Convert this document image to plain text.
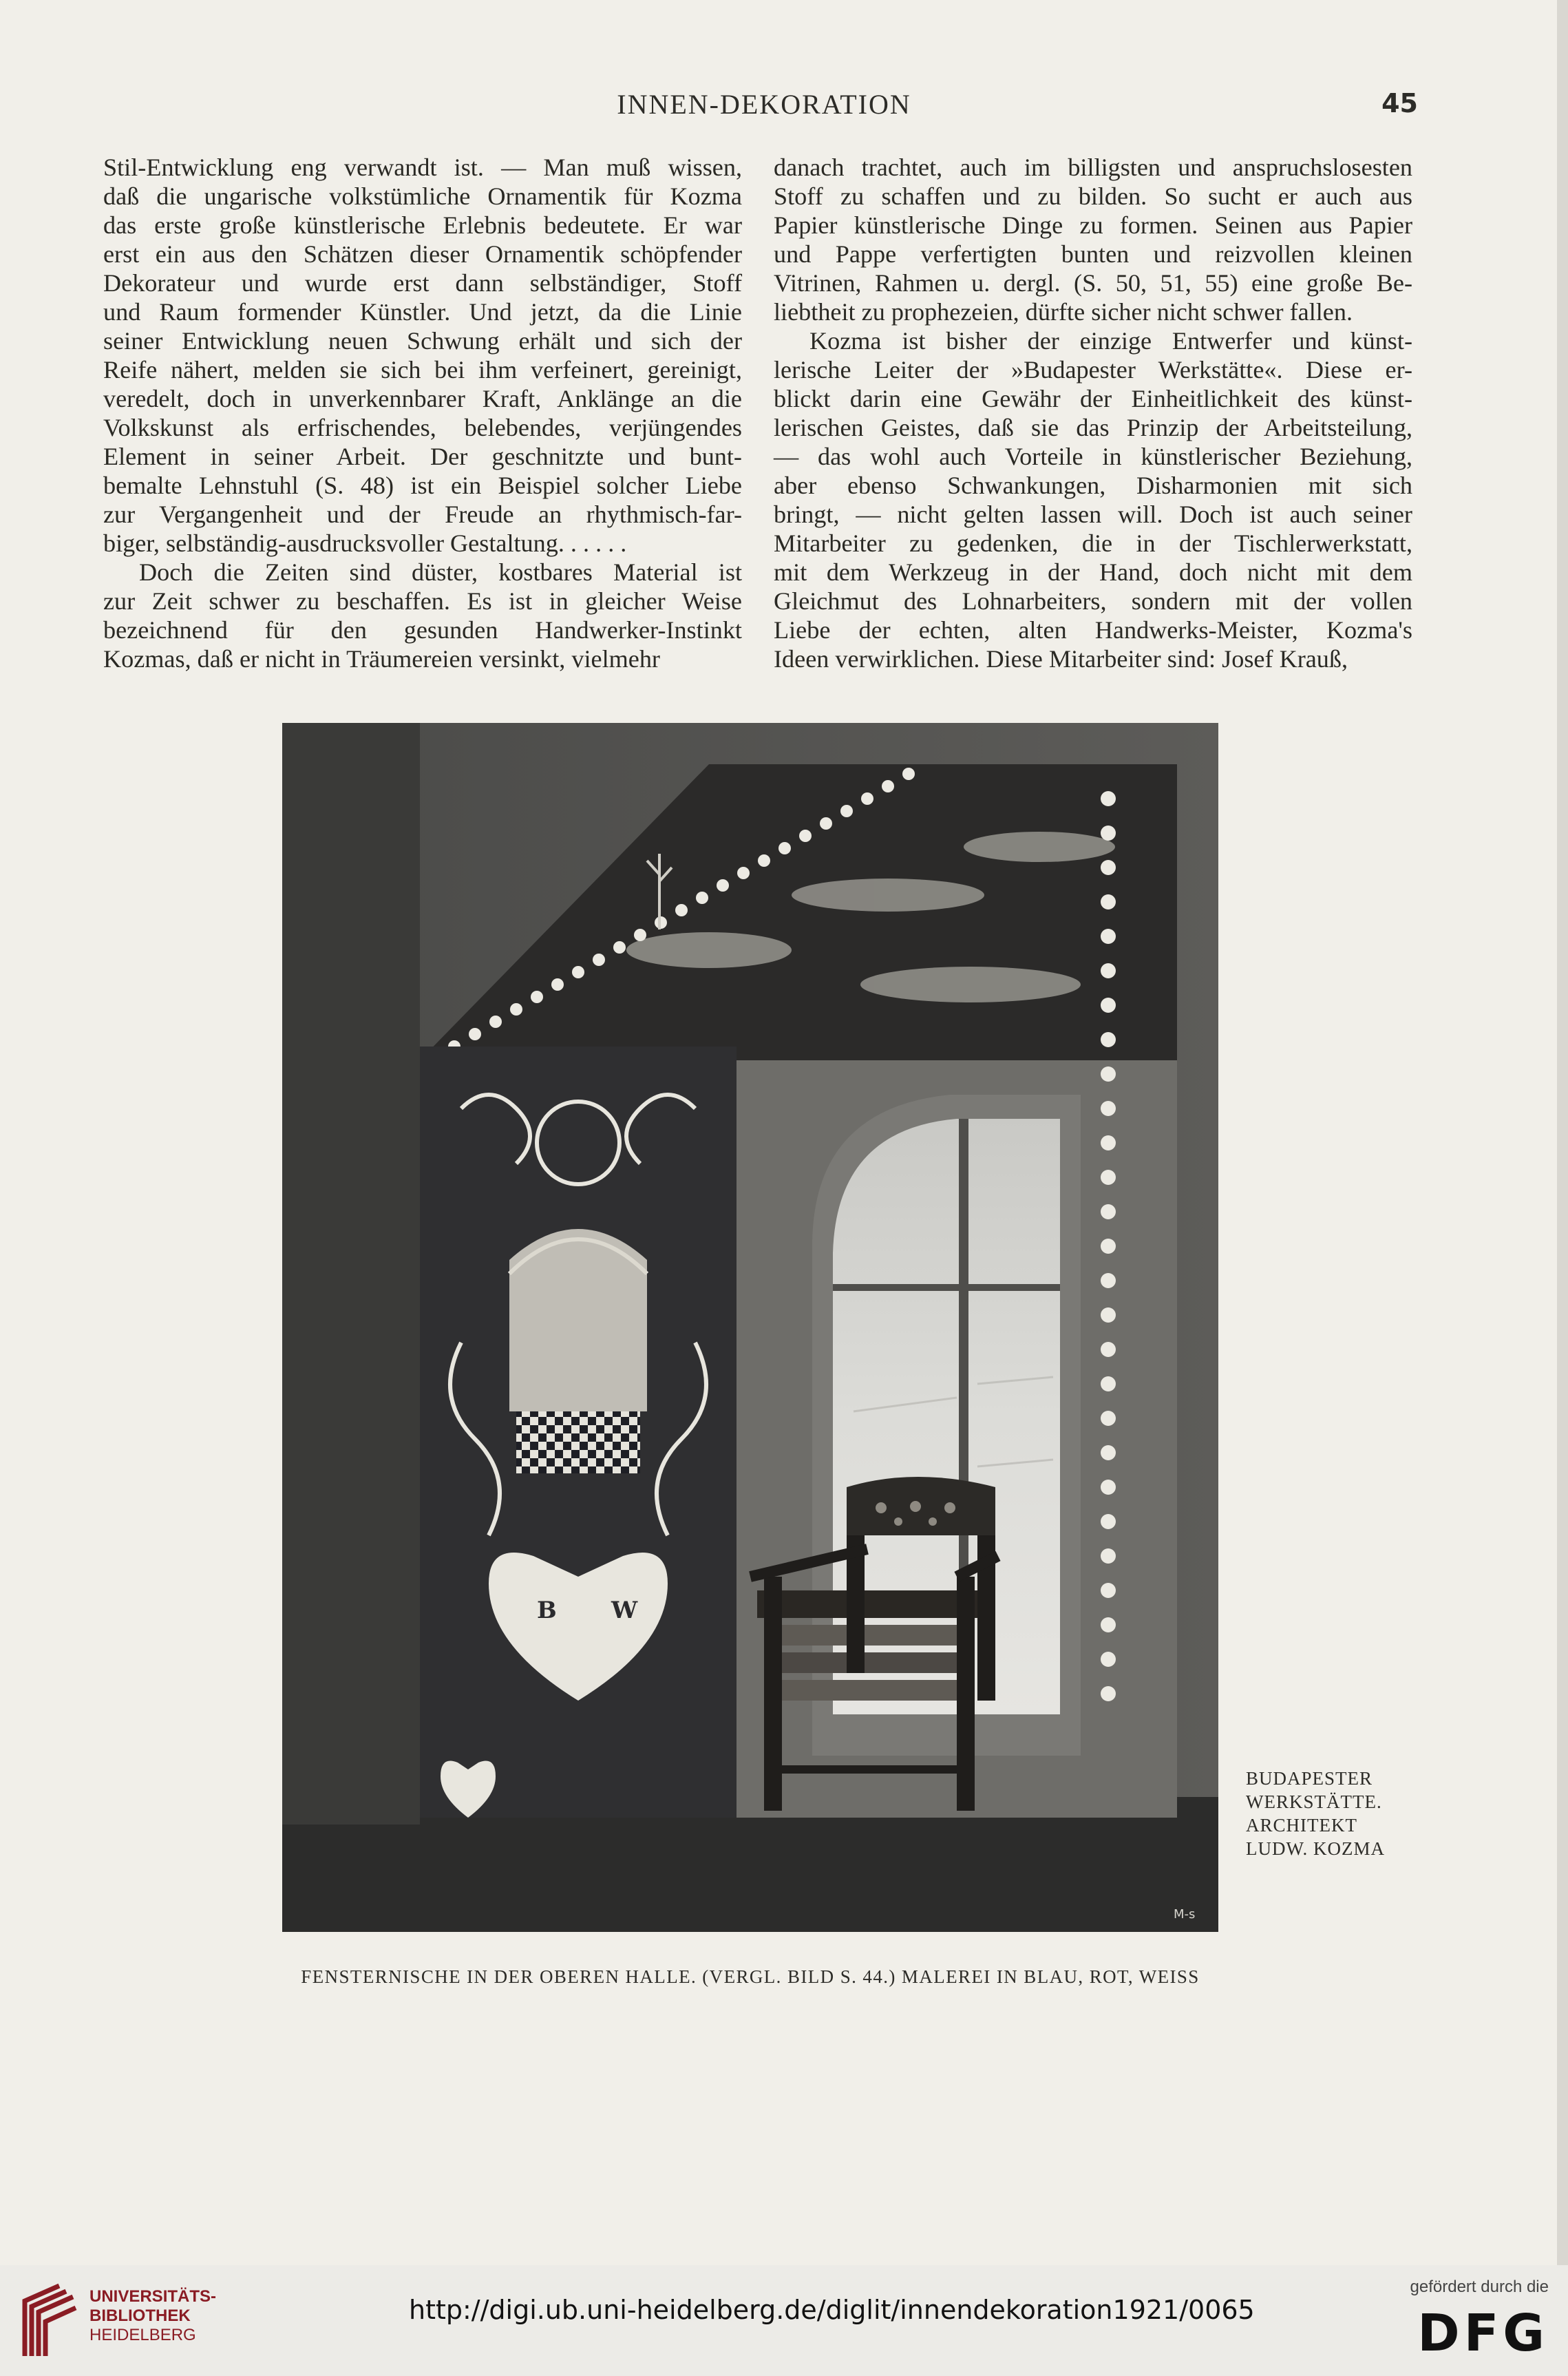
INNEN-DEKORATION	45
Stil-Entwicklung eng verwandt ist. — Man muß wissen,
daß die ungarische volkstümliche Ornamentik für Kozma
das erste große künstlerische Erlebnis bedeutete. Er war
erst ein aus den Schätzen dieser Ornamentik schöpfender
Dekorateur und wurde erst dann selbständiger, Stoff
und Raum formender Künstler. Und jetzt, da die Linie
seiner Entwicklung neuen Schwung erhält und sich der
Reife nähert, melden sie sich bei ihm verfeinert, gereinigt,
veredelt, doch in unverkennbarer Kraft, Anklänge an die
Volkskunst als erfrischendes, belebendes, verjüngendes
Element in seiner Arbeit. Der geschnitzte und bunt-
bemalte Lehnstuhl (S. 48) ist ein Beispiel solcher Liebe
zur Vergangenheit und der Freude an rhythmisch-far-
biger, selbständig-ausdrucksvoller Gestaltung. . . . . .
Doch die Zeiten sind düster, kostbares Material ist
zur Zeit schwer zu beschaffen. Es ist in gleicher Weise
bezeichnend für den gesunden Handwerker-Instinkt
Kozmas, daß er nicht in Träumereien versinkt, vielmehr
danach trachtet, auch im billigsten und anspruchslosesten
Stoff zu schaffen und zu bilden. So sucht er auch aus
Papier künstlerische Dinge zu formen. Seinen aus Papier
und Pappe verfertigten bunten und reizvollen kleinen
Vitrinen, Rahmen u. dergl. (S. 50, 51, 55) eine große Be-
liebtheit zu prophezeien, dürfte sicher nicht schwer fallen.
Kozma ist bisher der einzige Entwerfer und künst-
lerische Leiter der »Budapester Werkstätte«. Diese er-
blickt darin eine Gewähr der Einheitlichkeit des künst-
lerischen Geistes, daß sie das Prinzip der Arbeitsteilung,
— das wohl auch Vorteile in künstlerischer Beziehung,
aber ebenso Schwankungen, Disharmonien mit sich
bringt, — nicht gelten lassen will. Doch ist auch seiner
Mitarbeiter zu gedenken, die in der Tischlerwerkstatt,
mit dem Werkzeug in der Hand, doch nicht mit dem
Gleichmut des Lohnarbeiters, sondern mit der vollen
Liebe der echten, alten Handwerks-Meister, Kozma's
Ideen verwirklichen. Diese Mitarbeiter sind: Josef Krauß,
B W
M-s
BUDAPESTER
WERKSTÄTTE.
ARCHITEKT
LUDW. KOZMA
FENSTERNISCHE IN DER OBEREN HALLE. (VERGL. BILD S. 44.) MALEREI IN BLAU, ROT, WEISS
UNIVERSITÄTS-
BIBLIOTHEK
HEIDELBERG
http://digi.ub.uni-heidelberg.de/diglit/innendekoration1921/0065
gefördert durch die
DFG
